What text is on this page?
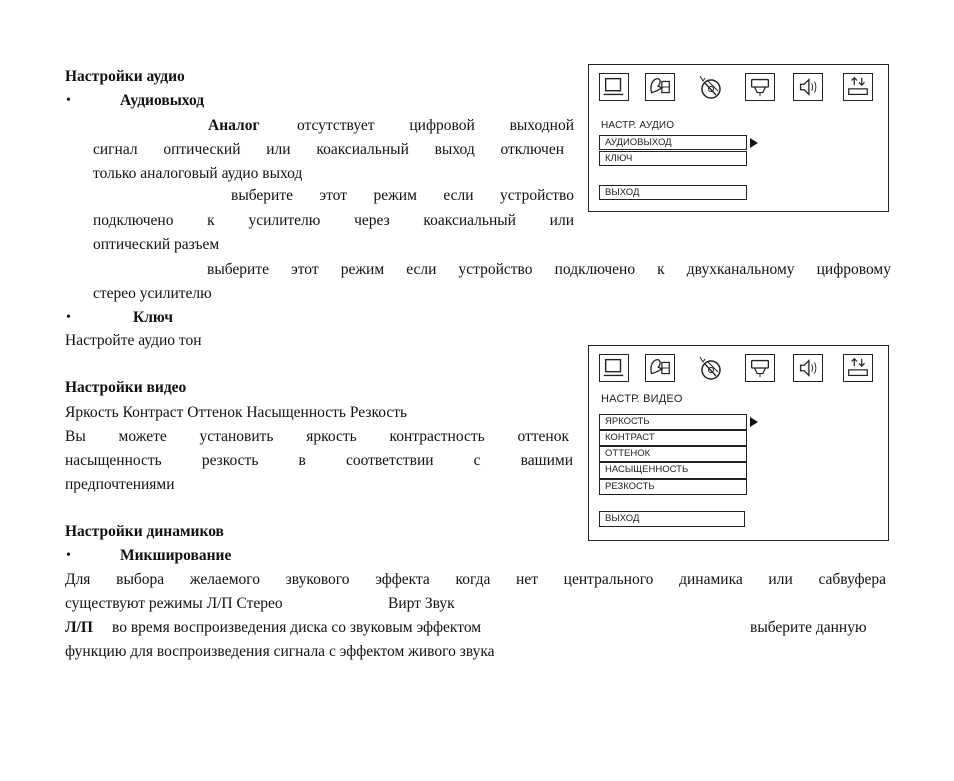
Настройки аудио
•	Аудиовыход
Аналог отсутствует цифровой выходной
сигнал оптический или коаксиальный выход отключен
только аналоговый аудио выход
выберите этот режим если устройство
подключено к усилителю через коаксиальный или
оптический разъем
выберите этот режим если устройство подключено к двухканальному цифровому
стерео усилителю
•	Ключ
Настройте аудио тон
Настройки видео
Яркость Контраст Оттенок Насыщенность Резкость
Вы можете установить яркость контрастность оттенок
насыщенность резкость в соответствии с вашими
предпочтениями
Настройки динамиков
•	Микширование
Для выбора желаемого звукового эффекта когда нет центрального динамика или сабвуфера
существуют режимы Л/П Стерео	Вирт Звук
Л/П во время воспроизведения диска со звуковым эффектом	выберите данную
функцию для воспроизведения сигнала с эффектом живого звука
НАСТР. АУДИО
АУДИОВЫХОД
КЛЮЧ
ВЫХОД
НАСТР. ВИДЕО
ЯРКОСТЬ
КОНТРАСТ
ОТТЕНОК
НАСЫЩЕННОСТЬ
РЕЗКОСТЬ
ВЫХОД
